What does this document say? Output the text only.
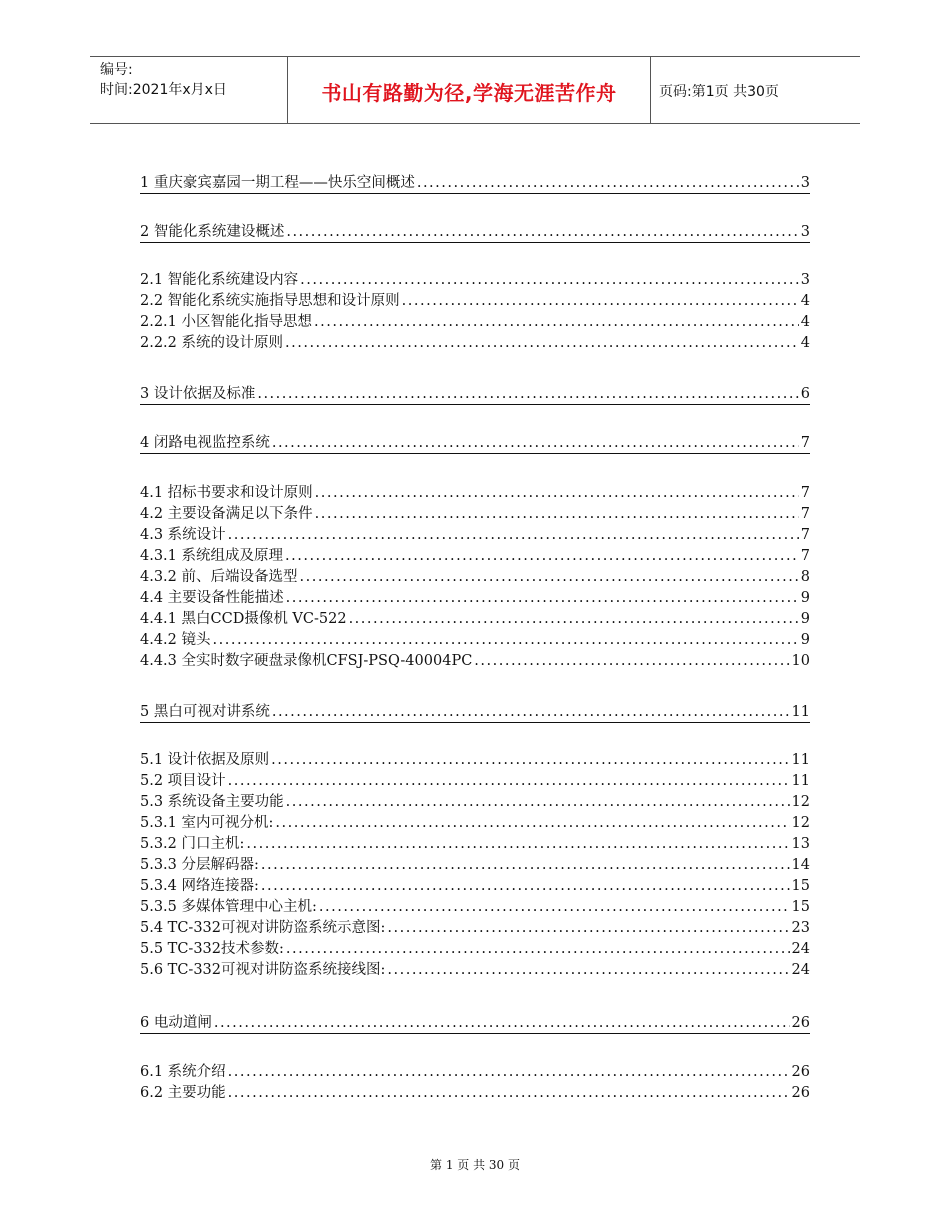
编号:
时间:2021年x月x日	书山有路勤为径,学海无涯苦作舟	页码:第1页 共30页
1 重庆豪宾嘉园一期工程——快乐空间概述 .....	3
2 智能化系统建设概述 .....	3
2.1 智能化系统建设内容 .....	3
2.2 智能化系统实施指导思想和设计原则 .....	4
2.2.1 小区智能化指导思想 .....	4
2.2.2 系统的设计原则 .....	4
3 设计依据及标准 .....	6
4 闭路电视监控系统 .....	7
4.1 招标书要求和设计原则 .....	7
4.2 主要设备满足以下条件 .....	7
4.3 系统设计 .....	7
4.3.1 系统组成及原理 .....	7
4.3.2 前、后端设备选型 .....	8
4.4 主要设备性能描述 .....	9
4.4.1 黑白CCD摄像机 VC-522 .....	9
4.4.2 镜头 .....	9
4.4.3 全实时数字硬盘录像机CFSJ-PSQ-40004PC .....	10
5 黑白可视对讲系统 .....	11
5.1 设计依据及原则 .....	11
5.2 项目设计 .....	11
5.3 系统设备主要功能 .....	12
5.3.1 室内可视分机: .....	12
5.3.2 门口主机: .....	13
5.3.3 分层解码器: .....	14
5.3.4 网络连接器: .....	15
5.3.5 多媒体管理中心主机: .....	15
5.4 TC-332可视对讲防盗系统示意图: .....	23
5.5 TC-332技术参数: .....	24
5.6 TC-332可视对讲防盗系统接线图: .....	24
6 电动道闸 .....	26
6.1 系统介绍 .....	26
6.2 主要功能 .....	26
第 1 页 共 30 页
